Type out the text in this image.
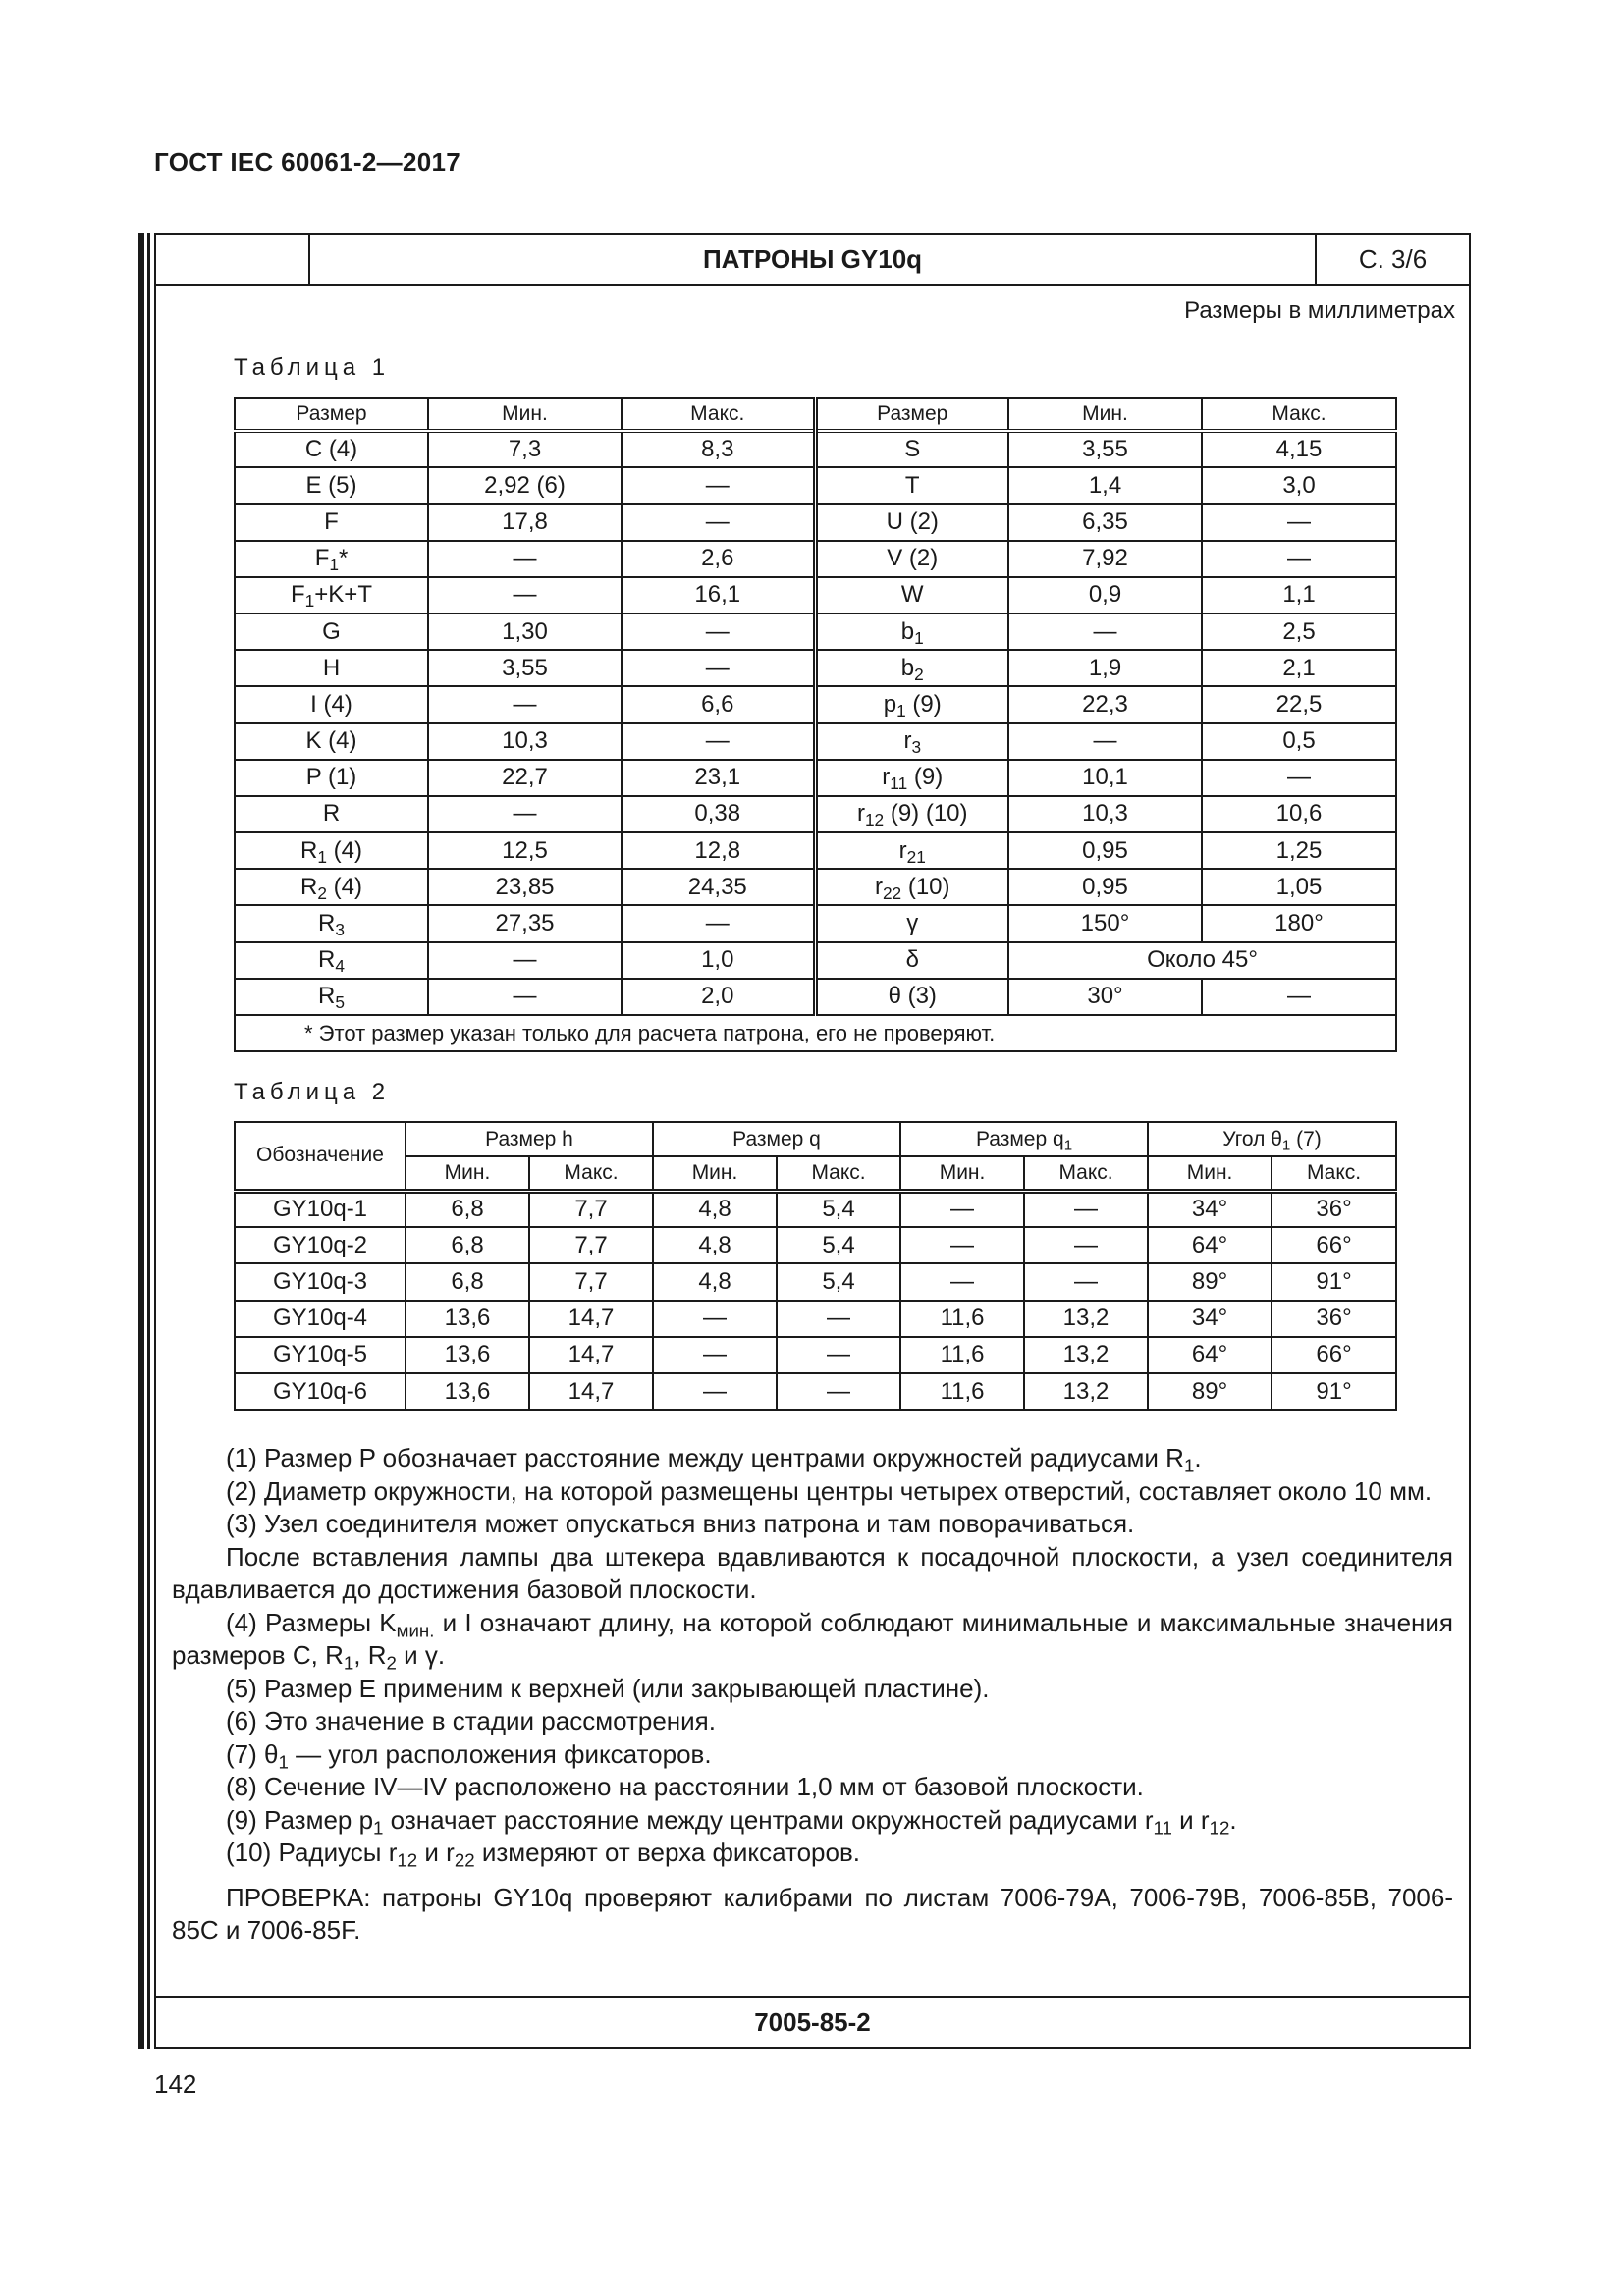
ГОСТ IEC 60061-2—2017
ПАТРОНЫ GY10q	С. 3/6
Размеры в миллиметрах
Таблица 1
Размер	Мин.	Макс.	Размер	Мин.	Макс.
C (4)	7,3	8,3	S	3,55	4,15
E (5)	2,92 (6)	—	T	1,4	3,0
F	17,8	—	U (2)	6,35	—
$F_1*$	—	2,6	V (2)	7,92	—
$F_1+K+T$	—	16,1	W	0,9	1,1
G	1,30	—	$b_1$	—	2,5
H	3,55	—	$b_2$	1,9	2,1
I (4)	—	6,6	$p_1$ (9)	22,3	22,5
K (4)	10,3	—	$r_3$	—	0,5
P (1)	22,7	23,1	$r_{11}$ (9)	10,1	—
R	—	0,38	$r_{12}$ (9) (10)	10,3	10,6
$R_1$ (4)	12,5	12,8	$r_{21}$	0,95	1,25
$R_2$ (4)	23,85	24,35	$r_{22}$ (10)	0,95	1,05
$R_3$	27,35	—	γ	150°	180°
$R_4$	—	1,0	δ	Около 45°	
$R_5$	—	2,0	θ (3)	30°	—
* Этот размер указан только для расчета патрона, его не проверяют.					
Таблица 2
Обозначение	Размер h		Размер q		Размер $q_1$		Угол $\theta_1$ (7)	
	Мин.	Макс.	Мин.	Макс.	Мин.	Макс.	Мин.	Макс.
GY10q-1	6,8	7,7	4,8	5,4	—	—	34°	36°
GY10q-2	6,8	7,7	4,8	5,4	—	—	64°	66°
GY10q-3	6,8	7,7	4,8	5,4	—	—	89°	91°
GY10q-4	13,6	14,7	—	—	11,6	13,2	34°	36°
GY10q-5	13,6	14,7	—	—	11,6	13,2	64°	66°
GY10q-6	13,6	14,7	—	—	11,6	13,2	89°	91°

(1) Размер P обозначает расстояние между центрами окружностей радиусами $R_1$.

(2) Диаметр окружности, на которой размещены центры четырех отверстий, составляет около 10 мм.

(3) Узел соединителя может опускаться вниз патрона и там поворачиваться.

После вставления лампы два штекера вдавливаются к посадочной плоскости, а узел соединителя вдавливается до достижения базовой плоскости.

(4) Размеры $K_{мин.}$ и I означают длину, на которой соблюдают минимальные и максимальные значения размеров C, $R_1$, $R_2$ и γ.

(5) Размер E применим к верхней (или закрывающей пластине).

(6) Это значение в стадии рассмотрения.

(7) $\theta_1$ — угол расположения фиксаторов.

(8) Сечение IV—IV расположено на расстоянии 1,0 мм от базовой плоскости.

(9) Размер $p_1$ означает расстояние между центрами окружностей радиусами $r_{11}$ и $r_{12}$.

(10) Радиусы $r_{12}$ и $r_{22}$ измеряют от верха фиксаторов.

ПРОВЕРКА: патроны GY10q проверяют калибрами по листам 7006-79A, 7006-79B, 7006-85B, 7006-85C и 7006-85F.

7005-85-2
142
